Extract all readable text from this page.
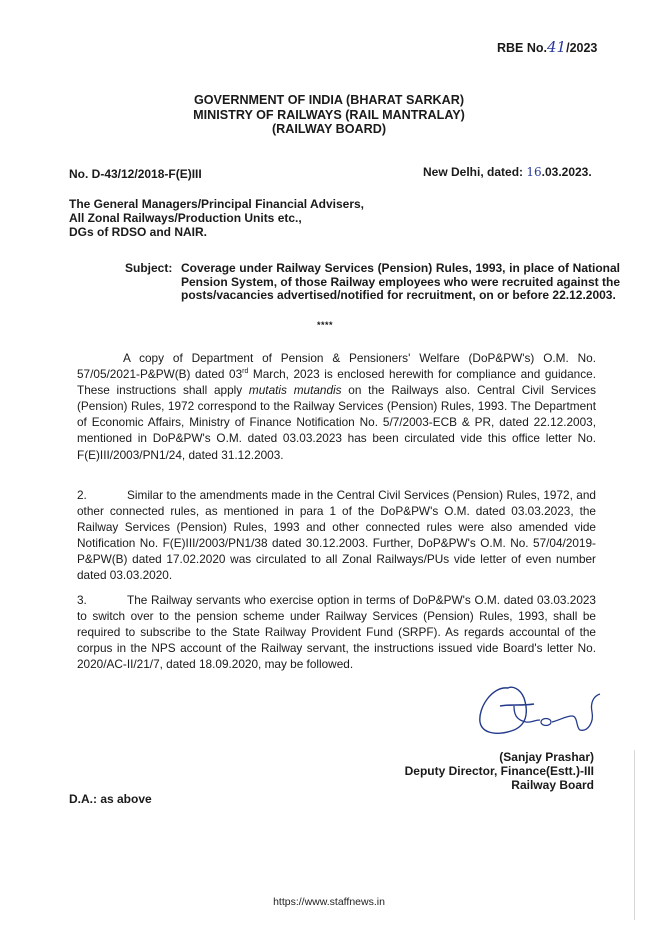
RBE No.41/2023
GOVERNMENT OF INDIA (BHARAT SARKAR)
MINISTRY OF RAILWAYS (RAIL MANTRALAY)
(RAILWAY BOARD)
No. D-43/12/2018-F(E)III	New Delhi, dated: 16.03.2023.
The General Managers/Principal Financial Advisers,
All Zonal Railways/Production Units etc.,
DGs of RDSO and NAIR.
Subject: Coverage under Railway Services (Pension) Rules, 1993, in place of National Pension System, of those Railway employees who were recruited against the posts/vacancies advertised/notified for recruitment, on or before 22.12.2003.
****

A copy of Department of Pension & Pensioners' Welfare (DoP&PW's) O.M. No. 57/05/2021-P&PW(B) dated 03rd March, 2023 is enclosed herewith for compliance and guidance. These instructions shall apply mutatis mutandis on the Railways also. Central Civil Services (Pension) Rules, 1972 correspond to the Railway Services (Pension) Rules, 1993. The Department of Economic Affairs, Ministry of Finance Notification No. 5/7/2003-ECB & PR, dated 22.12.2003, mentioned in DoP&PW's O.M. dated 03.03.2023 has been circulated vide this office letter No. F(E)III/2003/PN1/24, dated 31.12.2003.

2.	Similar to the amendments made in the Central Civil Services (Pension) Rules, 1972, and other connected rules, as mentioned in para 1 of the DoP&PW's O.M. dated 03.03.2023, the Railway Services (Pension) Rules, 1993 and other connected rules were also amended vide Notification No. F(E)III/2003/PN1/38 dated 30.12.2003. Further, DoP&PW's O.M. No. 57/04/2019-P&PW(B) dated 17.02.2020 was circulated to all Zonal Railways/PUs vide letter of even number dated 03.03.2020.

3.	The Railway servants who exercise option in terms of DoP&PW's O.M. dated 03.03.2023 to switch over to the pension scheme under Railway Services (Pension) Rules, 1993, shall be required to subscribe to the State Railway Provident Fund (SRPF). As regards accountal of the corpus in the NPS account of the Railway servant, the instructions issued vide Board's letter No. 2020/AC-II/21/7, dated 18.09.2020, may be followed.

(Sanjay Prashar)
Deputy Director, Finance(Estt.)-III
Railway Board
D.A.: as above
https://www.staffnews.in
